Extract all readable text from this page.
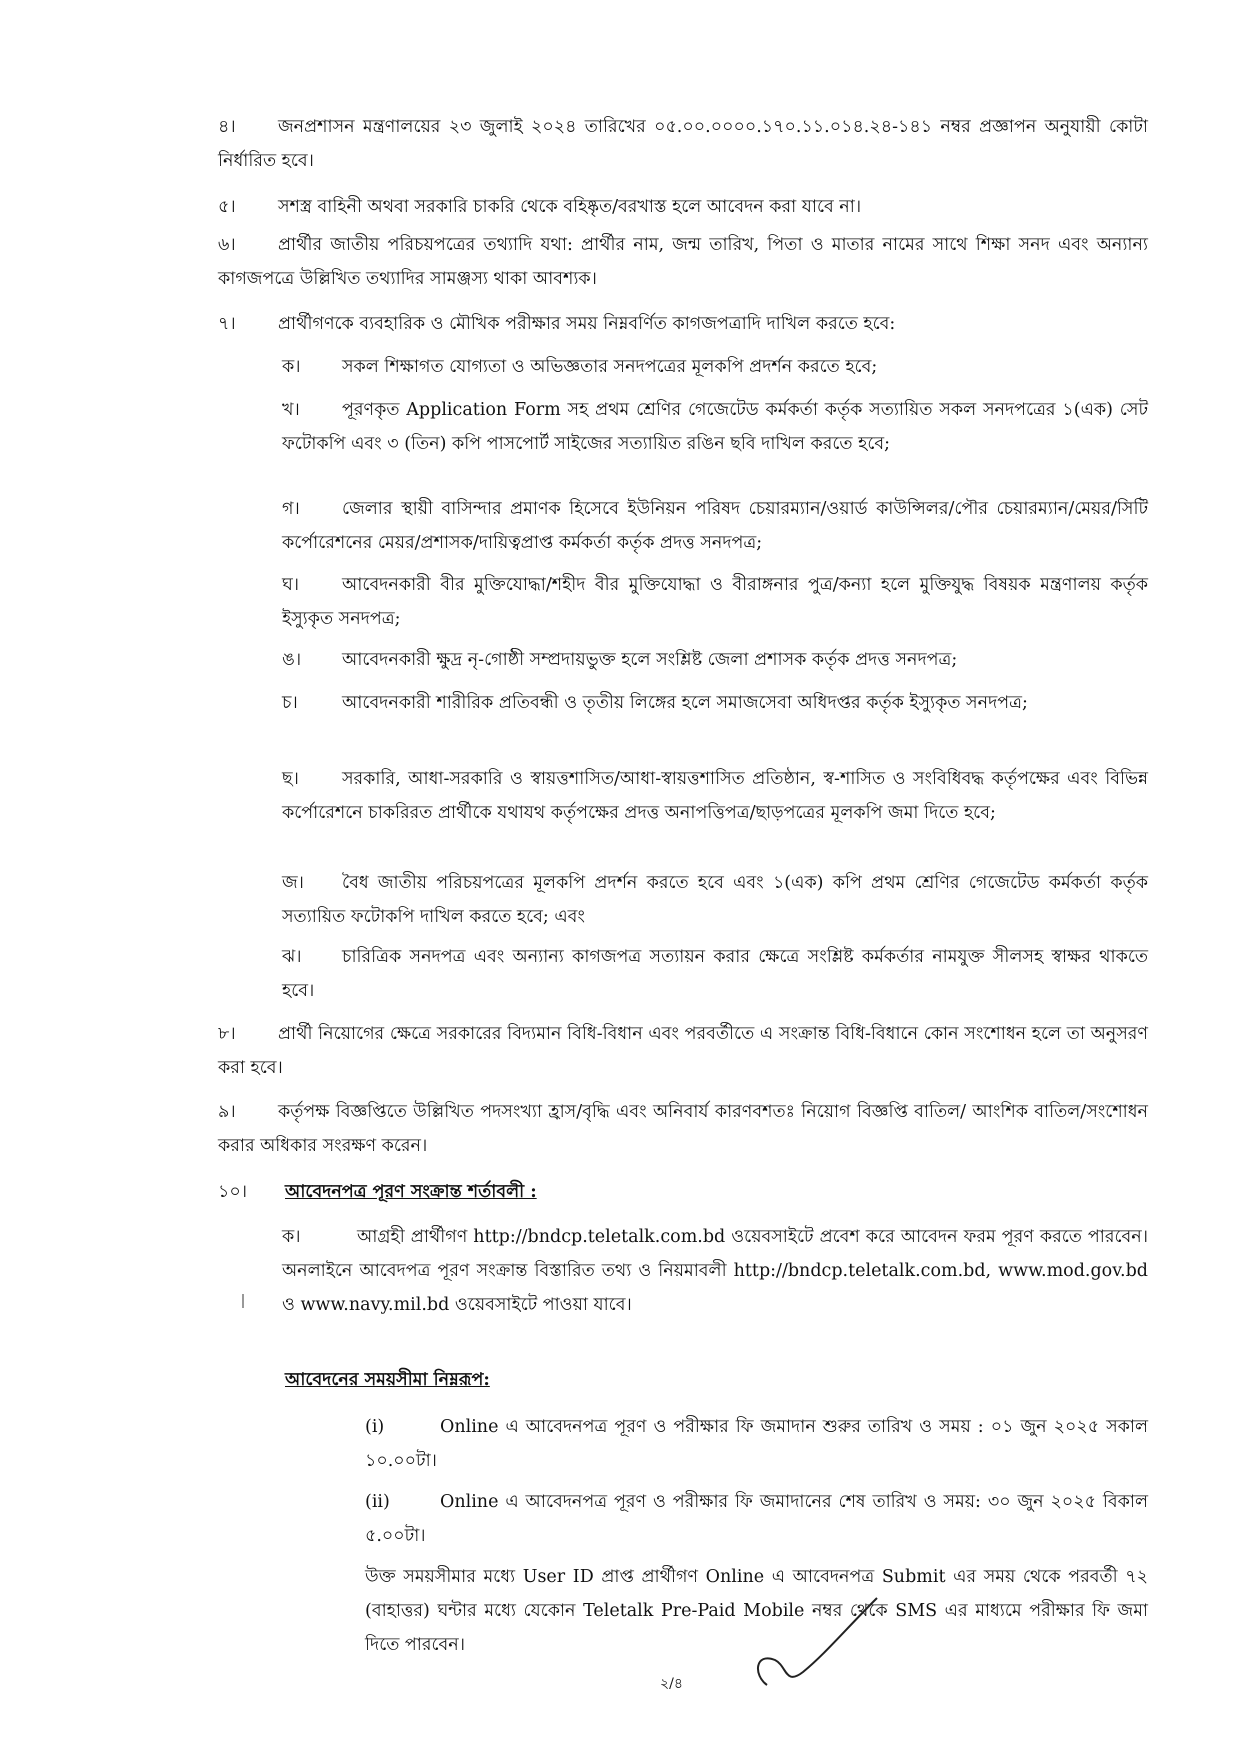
৪।	জনপ্রশাসন মন্ত্রণালয়ের ২৩ জুলাই ২০২৪ তারিখের ০৫.০০.০০০০.১৭০.১১.০১৪.২৪-১৪১ নম্বর প্রজ্ঞাপন অনুযায়ী কোটা নির্ধারিত হবে।
৫। সশস্ত্র বাহিনী অথবা সরকারি চাকরি থেকে বহিষ্কৃত/বরখাস্ত হলে আবেদন করা যাবে না।
৬।	প্রার্থীর জাতীয় পরিচয়পত্রের তথ্যাদি যথা: প্রার্থীর নাম, জন্ম তারিখ, পিতা ও মাতার নামের সাথে শিক্ষা সনদ এবং অন্যান্য কাগজপত্রে উল্লিখিত তথ্যাদির সামঞ্জস্য থাকা আবশ্যক।
৭। প্রার্থীগণকে ব্যবহারিক ও মৌখিক পরীক্ষার সময় নিম্নবর্ণিত কাগজপত্রাদি দাখিল করতে হবে:
ক। সকল শিক্ষাগত যোগ্যতা ও অভিজ্ঞতার সনদপত্রের মূলকপি প্রদর্শন করতে হবে;
খ। পূরণকৃত Application Form সহ প্রথম শ্রেণির গেজেটেড কর্মকর্তা কর্তৃক সত্যায়িত সকল সনদপত্রের ১(এক) সেট ফটোকপি এবং ৩ (তিন) কপি পাসপোর্ট সাইজের সত্যায়িত রঙিন ছবি দাখিল করতে হবে;
গ। জেলার স্থায়ী বাসিন্দার প্রমাণক হিসেবে ইউনিয়ন পরিষদ চেয়ারম্যান/ওয়ার্ড কাউন্সিলর/পৌর চেয়ারম্যান/মেয়র/সিটি কর্পোরেশনের মেয়র/প্রশাসক/দায়িত্বপ্রাপ্ত কর্মকর্তা কর্তৃক প্রদত্ত সনদপত্র;
ঘ। আবেদনকারী বীর মুক্তিযোদ্ধা/শহীদ বীর মুক্তিযোদ্ধা ও বীরাঙ্গনার পুত্র/কন্যা হলে মুক্তিযুদ্ধ বিষয়ক মন্ত্রণালয় কর্তৃক ইস্যুকৃত সনদপত্র;
ঙ। আবেদনকারী ক্ষুদ্র নৃ-গোষ্ঠী সম্প্রদায়ভুক্ত হলে সংশ্লিষ্ট জেলা প্রশাসক কর্তৃক প্রদত্ত সনদপত্র;
চ।	আবেদনকারী শারীরিক প্রতিবন্ধী ও তৃতীয় লিঙ্গের হলে সমাজসেবা অধিদপ্তর কর্তৃক ইস্যুকৃত সনদপত্র;
ছ। সরকারি, আধা-সরকারি ও স্বায়ত্তশাসিত/আধা-স্বায়ত্তশাসিত প্রতিষ্ঠান, স্ব-শাসিত ও সংবিধিবদ্ধ কর্তৃপক্ষের এবং বিভিন্ন কর্পোরেশনে চাকরিরত প্রার্থীকে যথাযথ কর্তৃপক্ষের প্রদত্ত অনাপত্তিপত্র/ছাড়পত্রের মূলকপি জমা দিতে হবে;
জ। বৈধ জাতীয় পরিচয়পত্রের মূলকপি প্রদর্শন করতে হবে এবং ১(এক) কপি প্রথম শ্রেণির গেজেটেড কর্মকর্তা কর্তৃক সত্যায়িত ফটোকপি দাখিল করতে হবে; এবং
ঝ। চারিত্রিক সনদপত্র এবং অন্যান্য কাগজপত্র সত্যায়ন করার ক্ষেত্রে সংশ্লিষ্ট কর্মকর্তার নামযুক্ত সীলসহ স্বাক্ষর থাকতে হবে।
৮।	প্রার্থী নিয়োগের ক্ষেত্রে সরকারের বিদ্যমান বিধি-বিধান এবং পরবর্তীতে এ সংক্রান্ত বিধি-বিধানে কোন সংশোধন হলে তা অনুসরণ করা হবে।
৯।	কর্তৃপক্ষ বিজ্ঞপ্তিতে উল্লিখিত পদসংখ্যা হ্রাস/বৃদ্ধি এবং অনিবার্য কারণবশতঃ নিয়োগ বিজ্ঞপ্তি বাতিল/ আংশিক বাতিল/সংশোধন করার অধিকার সংরক্ষণ করেন।
১০। আবেদনপত্র পূরণ সংক্রান্ত শর্তাবলী :
ক।	আগ্রহী প্রার্থীগণ http://bndcp.teletalk.com.bd ওয়েবসাইটে প্রবেশ করে আবেদন ফরম পূরণ করতে পারবেন। অনলাইনে আবেদপত্র পূরণ সংক্রান্ত বিস্তারিত তথ্য ও নিয়মাবলী http://bndcp.teletalk.com.bd, www.mod.gov.bd ও www.navy.mil.bd ওয়েবসাইটে পাওয়া যাবে।
আবেদনের সময়সীমা নিম্নরূপ:
(i)	Online এ আবেদনপত্র পূরণ ও পরীক্ষার ফি জমাদান শুরুর তারিখ ও সময় : ০১ জুন ২০২৫ সকাল ১০.০০টা।
(ii)	Online এ আবেদনপত্র পূরণ ও পরীক্ষার ফি জমাদানের শেষ তারিখ ও সময়: ৩০ জুন ২০২৫ বিকাল ৫.০০টা।
উক্ত সময়সীমার মধ্যে User ID প্রাপ্ত প্রার্থীগণ Online এ আবেদনপত্র Submit এর সময় থেকে পরবর্তী ৭২ (বাহাত্তর) ঘন্টার মধ্যে যেকোন Teletalk Pre-Paid Mobile নম্বর থেকে SMS এর মাধ্যমে পরীক্ষার ফি জমা দিতে পারবেন।
২/৪
